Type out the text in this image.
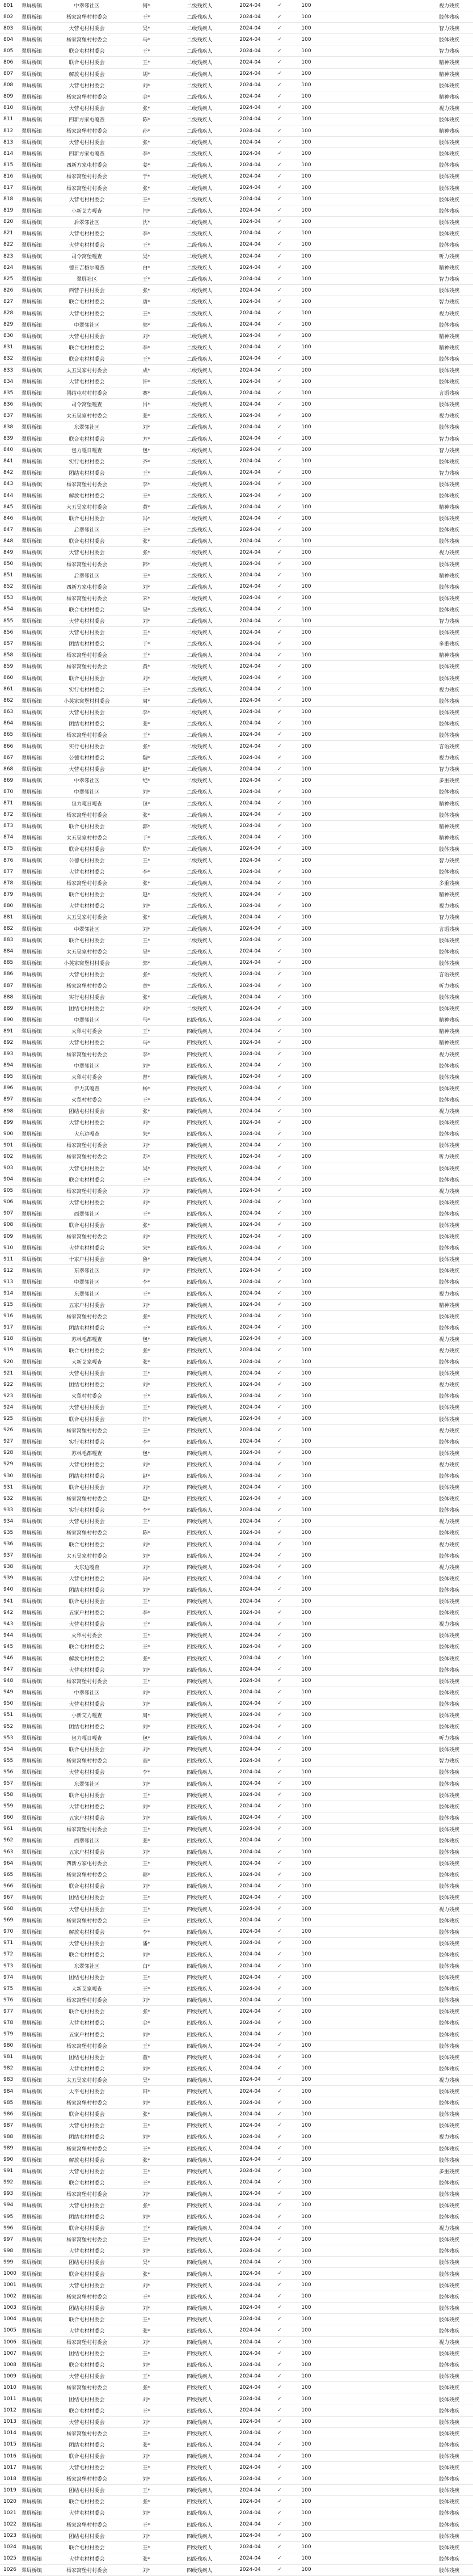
801	翠屏桥镇	中翠邻社区	何*	二级残疾人	2024-04	✓	100	视力残疾
802	翠屏桥镇	杨家窝堡村村委会	王*	二级残疾人	2024-04	✓	100	肢体残疾
803	翠屏桥镇	大营屯村村委会	吴*	二级残疾人	2024-04	✓	100	智力残疾
804	翠屏桥镇	杨家窝堡村村委会	马*	二级残疾人	2024-04	✓	100	肢体残疾
805	翠屏桥镇	联合屯村村委会	王*	二级残疾人	2024-04	✓	100	智力残疾
806	翠屏桥镇	联合屯村村委会	王*	二级残疾人	2024-04	✓	100	精神残疾
807	翠屏桥镇	解放屯村村委会	胡*	二级残疾人	2024-04	✓	100	精神残疾
808	翠屏桥镇	大营屯村村委会	刘*	二级残疾人	2024-04	✓	100	肢体残疾
809	翠屏桥镇	杨家窝堡村村委会	金*	二级残疾人	2024-04	✓	100	精神残疾
810	翠屏桥镇	大营屯村村委会	张*	二级残疾人	2024-04	✓	100	视力残疾
811	翠屏桥镇	四新方家屯嘎查	陈*	二级残疾人	2024-04	✓	100	肢体残疾
812	翠屏桥镇	杨家窝堡村村委会	孙*	二级残疾人	2024-04	✓	100	精神残疾
813	翠屏桥镇	大营屯村村委会	张*	二级残疾人	2024-04	✓	100	肢体残疾
814	翠屏桥镇	四新方家屯嘎查	李*	二级残疾人	2024-04	✓	100	肢体残疾
815	翠屏桥镇	四新方家屯村委会	姜*	二级残疾人	2024-04	✓	100	肢体残疾
816	翠屏桥镇	杨家窝堡村村委会	于*	二级残疾人	2024-04	✓	100	肢体残疾
817	翠屏桥镇	杨家窝堡村村委会	张*	二级残疾人	2024-04	✓	100	肢体残疾
818	翠屏桥镇	大营屯村村委会	王*	二级残疾人	2024-04	✓	100	肢体残疾
819	翠屏桥镇	小新艾力嘎查	闫*	二级残疾人	2024-04	✓	100	肢体残疾
820	翠屏桥镇	后翠邻社区	沈*	二级残疾人	2024-04	✓	100	肢体残疾
821	翠屏桥镇	大营屯村村委会	李*	二级残疾人	2024-04	✓	100	肢体残疾
822	翠屏桥镇	大营屯村村委会	王*	二级残疾人	2024-04	✓	100	肢体残疾
823	翠屏桥镇	司令窝堡嘎查	吴*	二级残疾人	2024-04	✓	100	听力残疾
824	翠屏桥镇	德日吉格尔嘎查	白*	二级残疾人	2024-04	✓	100	精神残疾
825	翠屏桥镇	翠屏社区	王*	二级残疾人	2024-04	✓	100	智力残疾
826	翠屏桥镇	西营子村村委会	张*	二级残疾人	2024-04	✓	100	肢体残疾
827	翠屏桥镇	联合屯村村委会	唐*	二级残疾人	2024-04	✓	100	智力残疾
828	翠屏桥镇	大营屯村村委会	王*	二级残疾人	2024-04	✓	100	视力残疾
829	翠屏桥镇	中翠邻社区	郭*	二级残疾人	2024-04	✓	100	肢体残疾
830	翠屏桥镇	大营屯村村委会	刘*	二级残疾人	2024-04	✓	100	精神残疾
831	翠屏桥镇	联合屯村村委会	李*	二级残疾人	2024-04	✓	100	精神残疾
832	翠屏桥镇	联合屯村村委会	王*	二级残疾人	2024-04	✓	100	肢体残疾
833	翠屏桥镇	太五吴家村村委会	成*	二级残疾人	2024-04	✓	100	肢体残疾
834	翠屏桥镇	大营屯村村委会	许*	二级残疾人	2024-04	✓	100	肢体残疾
835	翠屏桥镇	团结屯村村村委会	赛*	二级残疾人	2024-04	✓	100	言语残疾
836	翠屏桥镇	司令窝堡嘎查	吕*	二级残疾人	2024-04	✓	100	肢体残疾
837	翠屏桥镇	太五吴家村村委会	张*	二级残疾人	2024-04	✓	100	视力残疾
838	翠屏桥镇	东翠邻社区	刘*	二级残疾人	2024-04	✓	100	肢体残疾
839	翠屏桥镇	联合屯村村委会	方*	二级残疾人	2024-04	✓	100	智力残疾
840	翠屏桥镇	包力嘎日嘎查	包*	二级残疾人	2024-04	✓	100	智力残疾
841	翠屏桥镇	实行屯村村委会	齐*	二级残疾人	2024-04	✓	100	肢体残疾
842	翠屏桥镇	团结屯村村委会	王*	二级残疾人	2024-04	✓	100	智力残疾
843	翠屏桥镇	杨家窝堡村村委会	李*	二级残疾人	2024-04	✓	100	肢体残疾
844	翠屏桥镇	解放屯村村委会	王*	二级残疾人	2024-04	✓	100	肢体残疾
845	翠屏桥镇	大五吴家村村委会	黄*	二级残疾人	2024-04	✓	100	精神残疾
846	翠屏桥镇	联合屯村村委会	冯*	二级残疾人	2024-04	✓	100	肢体残疾
847	翠屏桥镇	后翠邻社区	王*	二级残疾人	2024-04	✓	100	肢体残疾
848	翠屏桥镇	联合屯村村委会	张*	二级残疾人	2024-04	✓	100	肢体残疾
849	翠屏桥镇	大营屯村村委会	张*	二级残疾人	2024-04	✓	100	视力残疾
850	翠屏桥镇	杨家窝堡村村委会	韩*	二级残疾人	2024-04	✓	100	肢体残疾
851	翠屏桥镇	后翠邻社区	王*	二级残疾人	2024-04	✓	100	精神残疾
852	翠屏桥镇	四新方家屯村委会	刘*	二级残疾人	2024-04	✓	100	肢体残疾
853	翠屏桥镇	杨家窝堡村村委会	宋*	二级残疾人	2024-04	✓	100	肢体残疾
854	翠屏桥镇	联合屯村村委会	吴*	二级残疾人	2024-04	✓	100	肢体残疾
855	翠屏桥镇	大营屯村村委会	刘*	二级残疾人	2024-04	✓	100	智力残疾
856	翠屏桥镇	大营屯村村委会	王*	二级残疾人	2024-04	✓	100	肢体残疾
857	翠屏桥镇	团结屯村村委会	于*	二级残疾人	2024-04	✓	100	多重残疾
858	翠屏桥镇	杨家窝堡村村委会	王*	二级残疾人	2024-04	✓	100	精神残疾
859	翠屏桥镇	杨家窝堡村村委会	黄*	二级残疾人	2024-04	✓	100	肢体残疾
860	翠屏桥镇	联合屯村村委会	刘*	二级残疾人	2024-04	✓	100	肢体残疾
861	翠屏桥镇	实行屯村村委会	王*	二级残疾人	2024-04	✓	100	视力残疾
862	翠屏桥镇	小英家窝堡村村委会	周*	二级残疾人	2024-04	✓	100	肢体残疾
863	翠屏桥镇	大营屯村村委会	李*	二级残疾人	2024-04	✓	100	肢体残疾
864	翠屏桥镇	团结屯村村委会	张*	二级残疾人	2024-04	✓	100	肢体残疾
865	翠屏桥镇	杨家窝堡村村委会	王*	二级残疾人	2024-04	✓	100	肢体残疾
866	翠屏桥镇	实行屯村村委会	张*	二级残疾人	2024-04	✓	100	言语残疾
867	翠屏桥镇	公德屯村村委会	魏*	二级残疾人	2024-04	✓	100	视力残疾
868	翠屏桥镇	大营屯村村委会	赵*	二级残疾人	2024-04	✓	100	智力残疾
869	翠屏桥镇	中翠邻社区	纪*	二级残疾人	2024-04	✓	100	多重残疾
870	翠屏桥镇	中翠邻社区	刘*	二级残疾人	2024-04	✓	100	肢体残疾
871	翠屏桥镇	包力嘎日嘎查	包*	二级残疾人	2024-04	✓	100	精神残疾
872	翠屏桥镇	杨家窝堡村村委会	张*	二级残疾人	2024-04	✓	100	肢体残疾
873	翠屏桥镇	联合屯村村委会	郭*	二级残疾人	2024-04	✓	100	精神残疾
874	翠屏桥镇	太五吴家村村委会	于*	二级残疾人	2024-04	✓	100	精神残疾
875	翠屏桥镇	联合屯村村委会	陈*	二级残疾人	2024-04	✓	100	肢体残疾
876	翠屏桥镇	公德屯村村委会	王*	二级残疾人	2024-04	✓	100	智力残疾
877	翠屏桥镇	大营屯村村委会	李*	二级残疾人	2024-04	✓	100	肢体残疾
878	翠屏桥镇	杨家窝堡村村委会	张*	二级残疾人	2024-04	✓	100	多重残疾
879	翠屏桥镇	联合屯村村委会	赵*	二级残疾人	2024-04	✓	100	精神残疾
880	翠屏桥镇	大营屯村村委会	刘*	二级残疾人	2024-04	✓	100	视力残疾
881	翠屏桥镇	太五吴家村村委会	张*	二级残疾人	2024-04	✓	100	智力残疾
882	翠屏桥镇	中翠邻社区	刘*	二级残疾人	2024-04	✓	100	言语残疾
883	翠屏桥镇	联合屯村村委会	王*	二级残疾人	2024-04	✓	100	肢体残疾
884	翠屏桥镇	太五吴家村村委会	吴*	二级残疾人	2024-04	✓	100	肢体残疾
885	翠屏桥镇	小英家窝堡村村委会	郭*	二级残疾人	2024-04	✓	100	肢体残疾
886	翠屏桥镇	大营屯村村委会	张*	二级残疾人	2024-04	✓	100	言语残疾
887	翠屏桥镇	杨家窝堡村村委会	章*	二级残疾人	2024-04	✓	100	听力残疾
888	翠屏桥镇	实行屯村村委会	张*	二级残疾人	2024-04	✓	100	肢体残疾
889	翠屏桥镇	团结屯村村委会	刘*	二级残疾人	2024-04	✓	100	肢体残疾
890	翠屏桥镇	中翠邻社区	马*	四级残疾人	2024-04	✓	100	精神残疾
891	翠屏桥镇	火犁村村委会	王*	四级残疾人	2024-04	✓	100	精神残疾
892	翠屏桥镇	大营屯村村委会	马*	四级残疾人	2024-04	✓	100	精神残疾
893	翠屏桥镇	杨家窝堡村村委会	李*	四级残疾人	2024-04	✓	100	视力残疾
894	翠屏桥镇	中翠邻社区	刘*	四级残疾人	2024-04	✓	100	肢体残疾
895	翠屏桥镇	火犁村村委会	曾*	四级残疾人	2024-04	✓	100	肢体残疾
896	翠屏桥镇	伊力其嘎查	杨*	四级残疾人	2024-04	✓	100	肢体残疾
897	翠屏桥镇	火犁村村委会	王*	四级残疾人	2024-04	✓	100	肢体残疾
898	翠屏桥镇	团结屯村村委会	张*	四级残疾人	2024-04	✓	100	视力残疾
899	翠屏桥镇	大营屯村村委会	刘*	四级残疾人	2024-04	✓	100	肢体残疾
900	翠屏桥镇	大东边嘎查	朱*	四级残疾人	2024-04	✓	100	肢体残疾
901	翠屏桥镇	杨家窝堡村村委会	刘*	四级残疾人	2024-04	✓	100	肢体残疾
902	翠屏桥镇	杨家窝堡村村委会	苏*	四级残疾人	2024-04	✓	100	听力残疾
903	翠屏桥镇	大营屯村村委会	吴*	四级残疾人	2024-04	✓	100	肢体残疾
904	翠屏桥镇	联合屯村村委会	王*	四级残疾人	2024-04	✓	100	肢体残疾
905	翠屏桥镇	杨家窝堡村村委会	刘*	四级残疾人	2024-04	✓	100	视力残疾
906	翠屏桥镇	大营屯村村委会	刘*	四级残疾人	2024-04	✓	100	肢体残疾
907	翠屏桥镇	西翠邻社区	王*	四级残疾人	2024-04	✓	100	肢体残疾
908	翠屏桥镇	联合屯村村委会	张*	四级残疾人	2024-04	✓	100	肢体残疾
909	翠屏桥镇	杨家窝堡村村委会	刘*	四级残疾人	2024-04	✓	100	肢体残疾
910	翠屏桥镇	大营屯村村委会	宋*	四级残疾人	2024-04	✓	100	肢体残疾
911	翠屏桥镇	十家户村村委会	鲁*	四级残疾人	2024-04	✓	100	肢体残疾
912	翠屏桥镇	东翠邻社区	刘*	四级残疾人	2024-04	✓	100	肢体残疾
913	翠屏桥镇	中翠邻社区	李*	四级残疾人	2024-04	✓	100	肢体残疾
914	翠屏桥镇	东翠邻社区	王*	四级残疾人	2024-04	✓	100	视力残疾
915	翠屏桥镇	五家户村村委会	刘*	四级残疾人	2024-04	✓	100	精神残疾
916	翠屏桥镇	杨家窝堡村村委会	张*	四级残疾人	2024-04	✓	100	肢体残疾
917	翠屏桥镇	团结屯村村委会	王*	四级残疾人	2024-04	✓	100	肢体残疾
918	翠屏桥镇	苏林毛都嘎查	包*	四级残疾人	2024-04	✓	100	视力残疾
919	翠屏桥镇	联合屯村村委会	张*	四级残疾人	2024-04	✓	100	视力残疾
920	翠屏桥镇	大新艾家嘎查	张*	四级残疾人	2024-04	✓	100	肢体残疾
921	翠屏桥镇	大营屯村村委会	王*	四级残疾人	2024-04	✓	100	肢体残疾
922	翠屏桥镇	团结屯村村委会	刘*	四级残疾人	2024-04	✓	100	视力残疾
923	翠屏桥镇	火犁村村委会	王*	四级残疾人	2024-04	✓	100	肢体残疾
924	翠屏桥镇	大营屯村村委会	王*	四级残疾人	2024-04	✓	100	肢体残疾
925	翠屏桥镇	联合屯村村委会	许*	四级残疾人	2024-04	✓	100	肢体残疾
926	翠屏桥镇	杨家窝堡村村委会	王*	四级残疾人	2024-04	✓	100	视力残疾
927	翠屏桥镇	实行屯村村委会	李*	四级残疾人	2024-04	✓	100	肢体残疾
928	翠屏桥镇	苏林毛都嘎查	包*	四级残疾人	2024-04	✓	100	肢体残疾
929	翠屏桥镇	大营屯村村委会	刘*	四级残疾人	2024-04	✓	100	视力残疾
930	翠屏桥镇	团结屯村村委会	赵*	四级残疾人	2024-04	✓	100	肢体残疾
931	翠屏桥镇	联合屯村村委会	刘*	四级残疾人	2024-04	✓	100	肢体残疾
932	翠屏桥镇	杨家窝堡村村委会	赵*	四级残疾人	2024-04	✓	100	肢体残疾
933	翠屏桥镇	实行屯村村委会	李*	四级残疾人	2024-04	✓	100	肢体残疾
934	翠屏桥镇	大营屯村村委会	王*	四级残疾人	2024-04	✓	100	视力残疾
935	翠屏桥镇	杨家窝堡村村委会	陈*	四级残疾人	2024-04	✓	100	肢体残疾
936	翠屏桥镇	联合屯村村委会	刘*	四级残疾人	2024-04	✓	100	视力残疾
937	翠屏桥镇	太五吴家村村委会	刘*	四级残疾人	2024-04	✓	100	肢体残疾
938	翠屏桥镇	大东边嘎查	刘*	四级残疾人	2024-04	✓	100	视力残疾
939	翠屏桥镇	大营屯村村委会	冯*	四级残疾人	2024-04	✓	100	肢体残疾
940	翠屏桥镇	团结屯村村委会	刘*	四级残疾人	2024-04	✓	100	肢体残疾
941	翠屏桥镇	联合屯村村委会	王*	四级残疾人	2024-04	✓	100	肢体残疾
942	翠屏桥镇	五家户村村委会	李*	四级残疾人	2024-04	✓	100	肢体残疾
943	翠屏桥镇	大营屯村村委会	王*	四级残疾人	2024-04	✓	100	视力残疾
944	翠屏桥镇	火犁村村委会	王*	四级残疾人	2024-04	✓	100	肢体残疾
945	翠屏桥镇	联合屯村村委会	王*	四级残疾人	2024-04	✓	100	肢体残疾
946	翠屏桥镇	解放屯村村委会	张*	四级残疾人	2024-04	✓	100	肢体残疾
947	翠屏桥镇	大营屯村村委会	刘*	四级残疾人	2024-04	✓	100	肢体残疾
948	翠屏桥镇	杨家窝堡村村委会	王*	四级残疾人	2024-04	✓	100	肢体残疾
949	翠屏桥镇	中翠邻社区	刘*	四级残疾人	2024-04	✓	100	肢体残疾
950	翠屏桥镇	大营屯村村委会	刘*	四级残疾人	2024-04	✓	100	肢体残疾
951	翠屏桥镇	小新艾力嘎查	周*	四级残疾人	2024-04	✓	100	肢体残疾
952	翠屏桥镇	团结屯村村委会	刘*	四级残疾人	2024-04	✓	100	肢体残疾
953	翠屏桥镇	包力嘎日嘎查	包*	四级残疾人	2024-04	✓	100	听力残疾
954	翠屏桥镇	联合屯村村委会	刘*	四级残疾人	2024-04	✓	100	肢体残疾
955	翠屏桥镇	杨家窝堡村村委会	高*	四级残疾人	2024-04	✓	100	智力残疾
956	翠屏桥镇	大营屯村村委会	李*	四级残疾人	2024-04	✓	100	肢体残疾
957	翠屏桥镇	东翠邻社区	刘*	四级残疾人	2024-04	✓	100	肢体残疾
958	翠屏桥镇	联合屯村村委会	王*	四级残疾人	2024-04	✓	100	肢体残疾
959	翠屏桥镇	大营屯村村委会	刘*	四级残疾人	2024-04	✓	100	肢体残疾
960	翠屏桥镇	五家户村村委会	刘*	四级残疾人	2024-04	✓	100	肢体残疾
961	翠屏桥镇	杨家窝堡村村委会	王*	四级残疾人	2024-04	✓	100	肢体残疾
962	翠屏桥镇	西翠邻社区	张*	四级残疾人	2024-04	✓	100	肢体残疾
963	翠屏桥镇	五家户村村委会	刘*	四级残疾人	2024-04	✓	100	肢体残疾
964	翠屏桥镇	四新方家屯村委会	王*	四级残疾人	2024-04	✓	100	肢体残疾
965	翠屏桥镇	杨家窝堡村村委会	郭*	四级残疾人	2024-04	✓	100	肢体残疾
966	翠屏桥镇	联合屯村村委会	刘*	四级残疾人	2024-04	✓	100	肢体残疾
967	翠屏桥镇	团结屯村村委会	王*	四级残疾人	2024-04	✓	100	肢体残疾
968	翠屏桥镇	大营屯村村委会	王*	四级残疾人	2024-04	✓	100	视力残疾
969	翠屏桥镇	杨家窝堡村村委会	王*	四级残疾人	2024-04	✓	100	肢体残疾
970	翠屏桥镇	解放屯村村委会	李*	四级残疾人	2024-04	✓	100	肢体残疾
971	翠屏桥镇	大营屯村村委会	潘*	四级残疾人	2024-04	✓	100	肢体残疾
972	翠屏桥镇	联合屯村村委会	刘*	四级残疾人	2024-04	✓	100	肢体残疾
973	翠屏桥镇	东翠邻社区	白*	四级残疾人	2024-04	✓	100	肢体残疾
974	翠屏桥镇	团结屯村村委会	王*	四级残疾人	2024-04	✓	100	肢体残疾
975	翠屏桥镇	大新艾家嘎查	王*	四级残疾人	2024-04	✓	100	肢体残疾
976	翠屏桥镇	杨家窝堡村村委会	刘*	四级残疾人	2024-04	✓	100	肢体残疾
977	翠屏桥镇	联合屯村村委会	张*	四级残疾人	2024-04	✓	100	肢体残疾
978	翠屏桥镇	大营屯村村委会	金*	四级残疾人	2024-04	✓	100	肢体残疾
979	翠屏桥镇	五家户村村委会	刘*	四级残疾人	2024-04	✓	100	肢体残疾
980	翠屏桥镇	杨家窝堡村村委会	王*	四级残疾人	2024-04	✓	100	肢体残疾
981	翠屏桥镇	团结屯村村委会	董*	四级残疾人	2024-04	✓	100	肢体残疾
982	翠屏桥镇	大营屯村村委会	刘*	四级残疾人	2024-04	✓	100	肢体残疾
983	翠屏桥镇	太五吴家村村委会	吴*	四级残疾人	2024-04	✓	100	视力残疾
984	翠屏桥镇	太平屯村村委会	田*	四级残疾人	2024-04	✓	100	肢体残疾
985	翠屏桥镇	杨家窝堡村村委会	刘*	四级残疾人	2024-04	✓	100	肢体残疾
986	翠屏桥镇	联合屯村村委会	张*	四级残疾人	2024-04	✓	100	肢体残疾
987	翠屏桥镇	大营屯村村委会	王*	四级残疾人	2024-04	✓	100	肢体残疾
988	翠屏桥镇	团结屯村村委会	刘*	四级残疾人	2024-04	✓	100	视力残疾
989	翠屏桥镇	杨家窝堡村村委会	王*	四级残疾人	2024-04	✓	100	肢体残疾
990	翠屏桥镇	解放屯村村委会	张*	四级残疾人	2024-04	✓	100	肢体残疾
991	翠屏桥镇	大营屯村村委会	王*	四级残疾人	2024-04	✓	100	多重残疾
992	翠屏桥镇	联合屯村村委会	王*	四级残疾人	2024-04	✓	100	肢体残疾
993	翠屏桥镇	杨家窝堡村村委会	刘*	四级残疾人	2024-04	✓	100	肢体残疾
994	翠屏桥镇	大营屯村村委会	张*	四级残疾人	2024-04	✓	100	肢体残疾
995	翠屏桥镇	团结屯村村委会	刘*	四级残疾人	2024-04	✓	100	肢体残疾
996	翠屏桥镇	联合屯村村委会	王*	四级残疾人	2024-04	✓	100	视力残疾
997	翠屏桥镇	杨家窝堡村村委会	王*	四级残疾人	2024-04	✓	100	肢体残疾
998	翠屏桥镇	大营屯村村委会	刘*	四级残疾人	2024-04	✓	100	肢体残疾
999	翠屏桥镇	团结屯村村委会	吴*	四级残疾人	2024-04	✓	100	肢体残疾
1000	翠屏桥镇	联合屯村村委会	张*	四级残疾人	2024-04	✓	100	肢体残疾
1001	翠屏桥镇	大营屯村村委会	刘*	四级残疾人	2024-04	✓	100	肢体残疾
1002	翠屏桥镇	杨家窝堡村村委会	王*	四级残疾人	2024-04	✓	100	肢体残疾
1003	翠屏桥镇	团结屯村村委会	刘*	四级残疾人	2024-04	✓	100	肢体残疾
1004	翠屏桥镇	联合屯村村委会	王*	四级残疾人	2024-04	✓	100	肢体残疾
1005	翠屏桥镇	大营屯村村委会	张*	四级残疾人	2024-04	✓	100	肢体残疾
1006	翠屏桥镇	杨家窝堡村村委会	刘*	四级残疾人	2024-04	✓	100	视力残疾
1007	翠屏桥镇	团结屯村村委会	王*	四级残疾人	2024-04	✓	100	肢体残疾
1008	翠屏桥镇	联合屯村村委会	刘*	四级残疾人	2024-04	✓	100	肢体残疾
1009	翠屏桥镇	大营屯村村委会	王*	四级残疾人	2024-04	✓	100	肢体残疾
1010	翠屏桥镇	杨家窝堡村村委会	张*	四级残疾人	2024-04	✓	100	肢体残疾
1011	翠屏桥镇	团结屯村村委会	刘*	四级残疾人	2024-04	✓	100	肢体残疾
1012	翠屏桥镇	联合屯村村委会	王*	四级残疾人	2024-04	✓	100	肢体残疾
1013	翠屏桥镇	大营屯村村委会	刘*	四级残疾人	2024-04	✓	100	肢体残疾
1014	翠屏桥镇	杨家窝堡村村委会	王*	四级残疾人	2024-04	✓	100	肢体残疾
1015	翠屏桥镇	团结屯村村委会	张*	四级残疾人	2024-04	✓	100	肢体残疾
1016	翠屏桥镇	联合屯村村委会	刘*	四级残疾人	2024-04	✓	100	肢体残疾
1017	翠屏桥镇	大营屯村村委会	王*	四级残疾人	2024-04	✓	100	肢体残疾
1018	翠屏桥镇	杨家窝堡村村委会	刘*	四级残疾人	2024-04	✓	100	肢体残疾
1019	翠屏桥镇	团结屯村村委会	王*	四级残疾人	2024-04	✓	100	肢体残疾
1020	翠屏桥镇	联合屯村村委会	张*	四级残疾人	2024-04	✓	100	肢体残疾
1021	翠屏桥镇	大营屯村村委会	刘*	四级残疾人	2024-04	✓	100	肢体残疾
1022	翠屏桥镇	杨家窝堡村村委会	王*	四级残疾人	2024-04	✓	100	肢体残疾
1023	翠屏桥镇	团结屯村村委会	刘*	四级残疾人	2024-04	✓	100	肢体残疾
1024	翠屏桥镇	联合屯村村委会	王*	四级残疾人	2024-04	✓	100	肢体残疾
1025	翠屏桥镇	大营屯村村委会	张*	四级残疾人	2024-04	✓	100	肢体残疾
1026	翠屏桥镇	杨家窝堡村村委会	刘*	四级残疾人	2024-04	✓	100	肢体残疾
